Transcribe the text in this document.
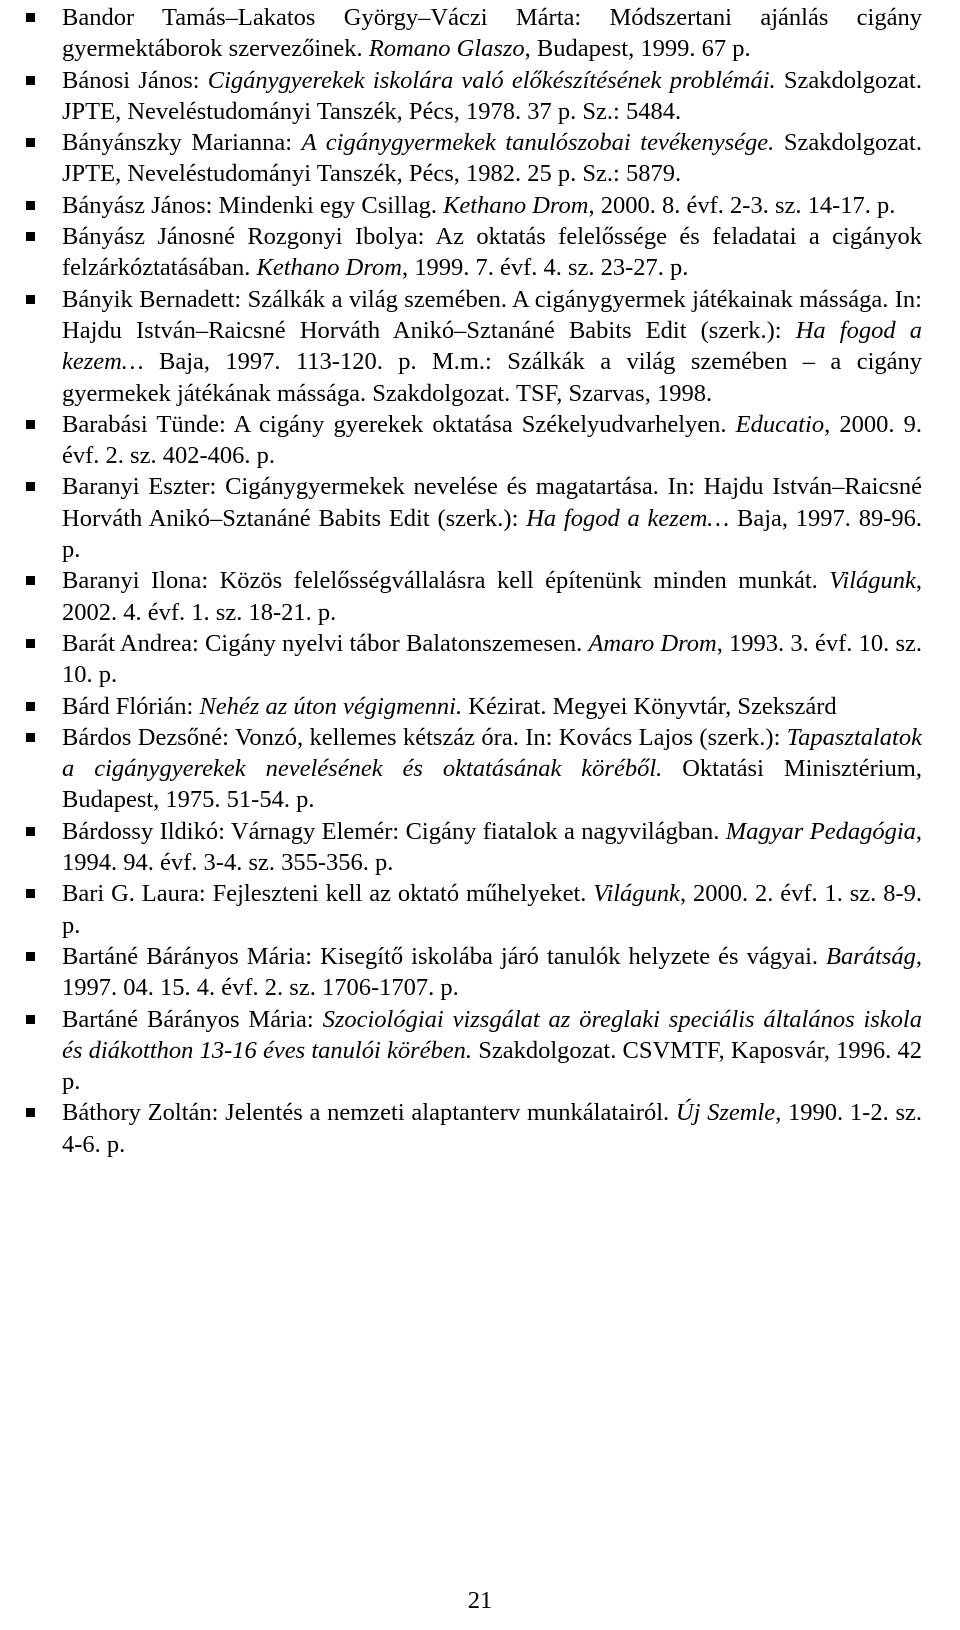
Bandor Tamás–Lakatos György–Váczi Márta: Módszertani ajánlás cigány gyermektáborok szervezőinek. Romano Glaszo, Budapest, 1999. 67 p.
Bánosi János: Cigánygyerekek iskolára való előkészítésének problémái. Szakdolgozat. JPTE, Neveléstudományi Tanszék, Pécs, 1978. 37 p. Sz.: 5484.
Bányánszky Marianna: A cigánygyermekek tanulószobai tevékenysége. Szakdolgozat. JPTE, Neveléstudományi Tanszék, Pécs, 1982. 25 p. Sz.: 5879.
Bányász János: Mindenki egy Csillag. Kethano Drom, 2000. 8. évf. 2-3. sz. 14-17. p.
Bányász Jánosné Rozgonyi Ibolya: Az oktatás felelőssége és feladatai a cigányok felzárkóztatásában. Kethano Drom, 1999. 7. évf. 4. sz. 23-27. p.
Bányik Bernadett: Szálkák a világ szemében. A cigánygyermek játékainak mássága. In: Hajdu István–Raicsné Horváth Anikó–Sztanáné Babits Edit (szerk.): Ha fogod a kezem… Baja, 1997. 113-120. p. M.m.: Szálkák a világ szemében – a cigány gyermekek játékának mássága. Szakdolgozat. TSF, Szarvas, 1998.
Barabási Tünde: A cigány gyerekek oktatása Székelyudvarhelyen. Educatio, 2000. 9. évf. 2. sz. 402-406. p.
Baranyi Eszter: Cigánygyermekek nevelése és magatartása. In: Hajdu István–Raicsné Horváth Anikó–Sztanáné Babits Edit (szerk.): Ha fogod a kezem… Baja, 1997. 89-96. p.
Baranyi Ilona: Közös felelősségvállalásra kell építenünk minden munkát. Világunk, 2002. 4. évf. 1. sz. 18-21. p.
Barát Andrea: Cigány nyelvi tábor Balatonszemesen. Amaro Drom, 1993. 3. évf. 10. sz. 10. p.
Bárd Flórián: Nehéz az úton végigmenni. Kézirat. Megyei Könyvtár, Szekszárd
Bárdos Dezsőné: Vonzó, kellemes kétszáz óra. In: Kovács Lajos (szerk.): Tapasztalatok a cigánygyerekek nevelésének és oktatásának köréből. Oktatási Minisztérium, Budapest, 1975. 51-54. p.
Bárdossy Ildikó: Várnagy Elemér: Cigány fiatalok a nagyvilágban. Magyar Pedagógia, 1994. 94. évf. 3-4. sz. 355-356. p.
Bari G. Laura: Fejleszteni kell az oktató műhelyeket. Világunk, 2000. 2. évf. 1. sz. 8-9. p.
Bartáné Bárányos Mária: Kisegítő iskolába járó tanulók helyzete és vágyai. Barátság, 1997. 04. 15. 4. évf. 2. sz. 1706-1707. p.
Bartáné Bárányos Mária: Szociológiai vizsgálat az öreglaki speciális általános iskola és diákotthon 13-16 éves tanulói körében. Szakdolgozat. CSVMTF, Kaposvár, 1996. 42 p.
Báthory Zoltán: Jelentés a nemzeti alaptanterv munkálatairól. Új Szemle, 1990. 1-2. sz. 4-6. p.
21
